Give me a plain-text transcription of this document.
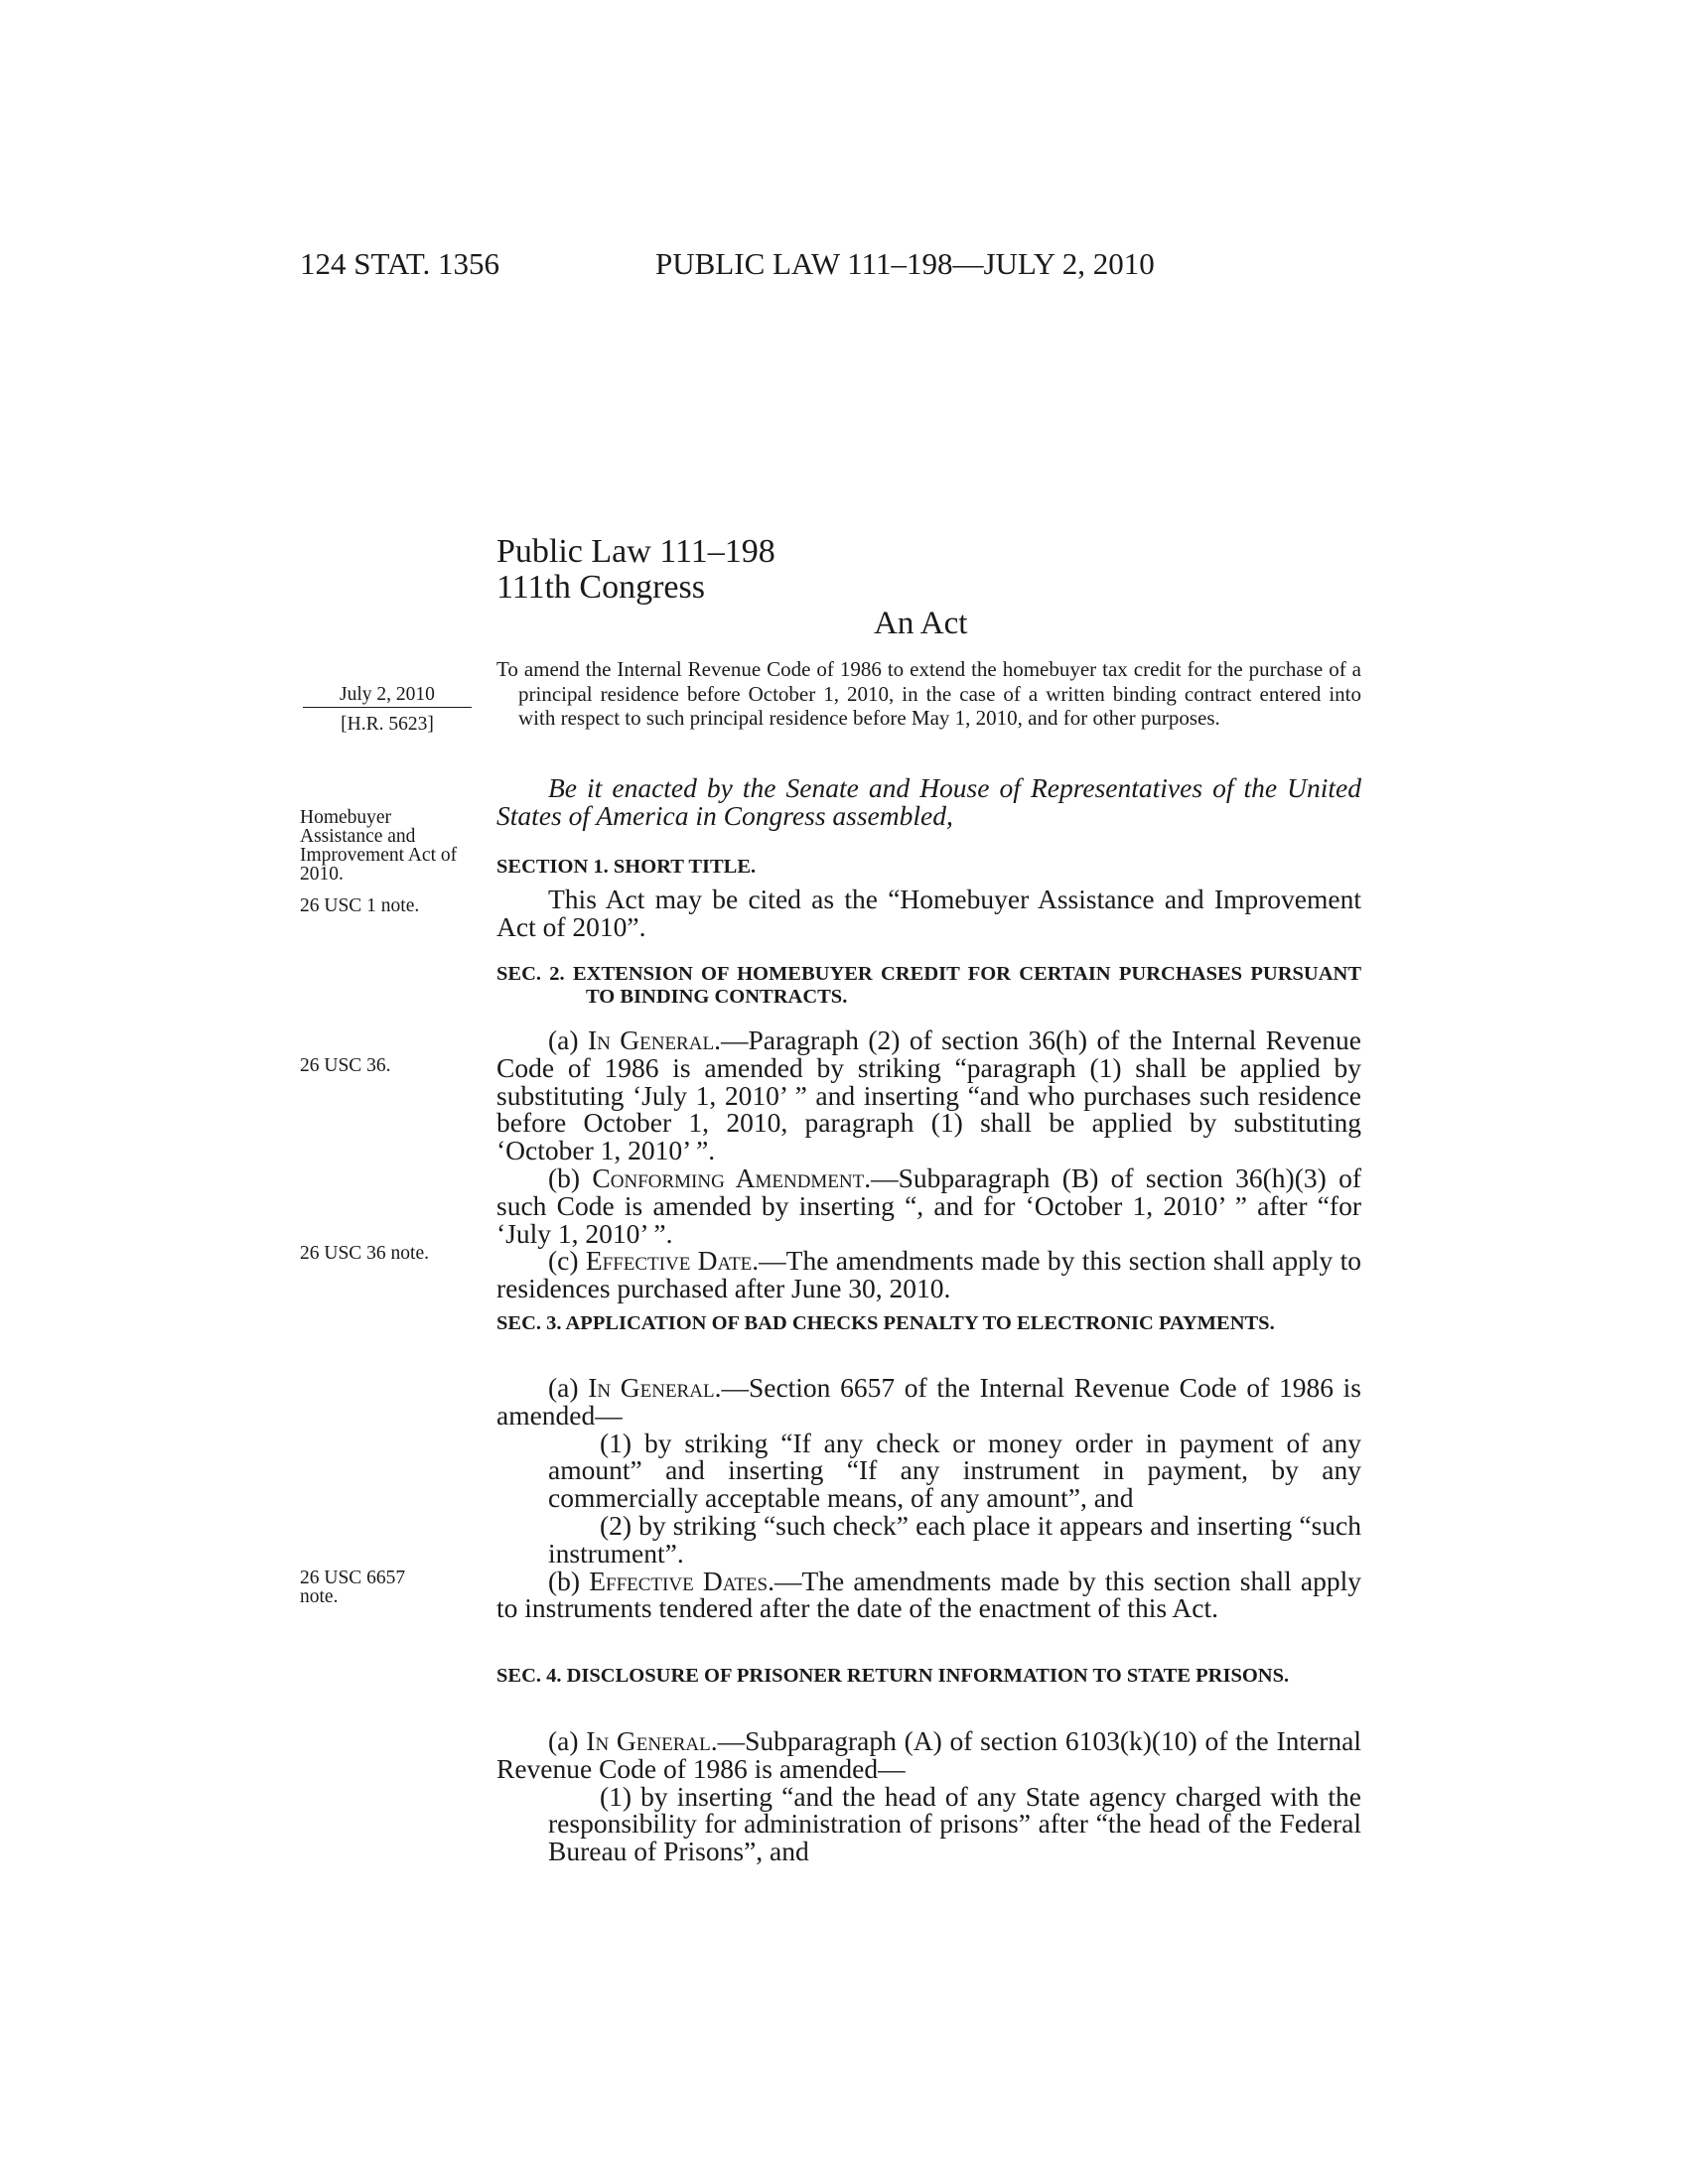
124 STAT. 1356	PUBLIC LAW 111–198—JULY 2, 2010
Public Law 111–198
111th Congress
An Act
To amend the Internal Revenue Code of 1986 to extend the homebuyer tax credit for the purchase of a principal residence before October 1, 2010, in the case of a written binding contract entered into with respect to such principal residence before May 1, 2010, and for other purposes.
July 2, 2010
[H.R. 5623]
Homebuyer Assistance and Improvement Act of 2010.
26 USC 1 note.
26 USC 36.
26 USC 36 note.
26 USC 6657 note.

Be it enacted by the Senate and House of Representatives of the United States of America in Congress assembled,

SECTION 1. SHORT TITLE.

This Act may be cited as the “Homebuyer Assistance and Improvement Act of 2010”.

SEC. 2. EXTENSION OF HOMEBUYER CREDIT FOR CERTAIN PURCHASES PURSUANT TO BINDING CONTRACTS.

(a) In General.—Paragraph (2) of section 36(h) of the Internal Revenue Code of 1986 is amended by striking “paragraph (1) shall be applied by substituting ‘July 1, 2010’ ” and inserting “and who purchases such residence before October 1, 2010, paragraph (1) shall be applied by substituting ‘October 1, 2010’ ”.

(b) Conforming Amendment.—Subparagraph (B) of section 36(h)(3) of such Code is amended by inserting “, and for ‘October 1, 2010’ ” after “for ‘July 1, 2010’ ”.

(c) Effective Date.—The amendments made by this section shall apply to residences purchased after June 30, 2010.

SEC. 3. APPLICATION OF BAD CHECKS PENALTY TO ELECTRONIC PAYMENTS.

(a) In General.—Section 6657 of the Internal Revenue Code of 1986 is amended—

(1) by striking “If any check or money order in payment of any amount” and inserting “If any instrument in payment, by any commercially acceptable means, of any amount”, and

(2) by striking “such check” each place it appears and inserting “such instrument”.

(b) Effective Dates.—The amendments made by this section shall apply to instruments tendered after the date of the enactment of this Act.

SEC. 4. DISCLOSURE OF PRISONER RETURN INFORMATION TO STATE PRISONS.

(a) In General.—Subparagraph (A) of section 6103(k)(10) of the Internal Revenue Code of 1986 is amended—

(1) by inserting “and the head of any State agency charged with the responsibility for administration of prisons” after “the head of the Federal Bureau of Prisons”, and
